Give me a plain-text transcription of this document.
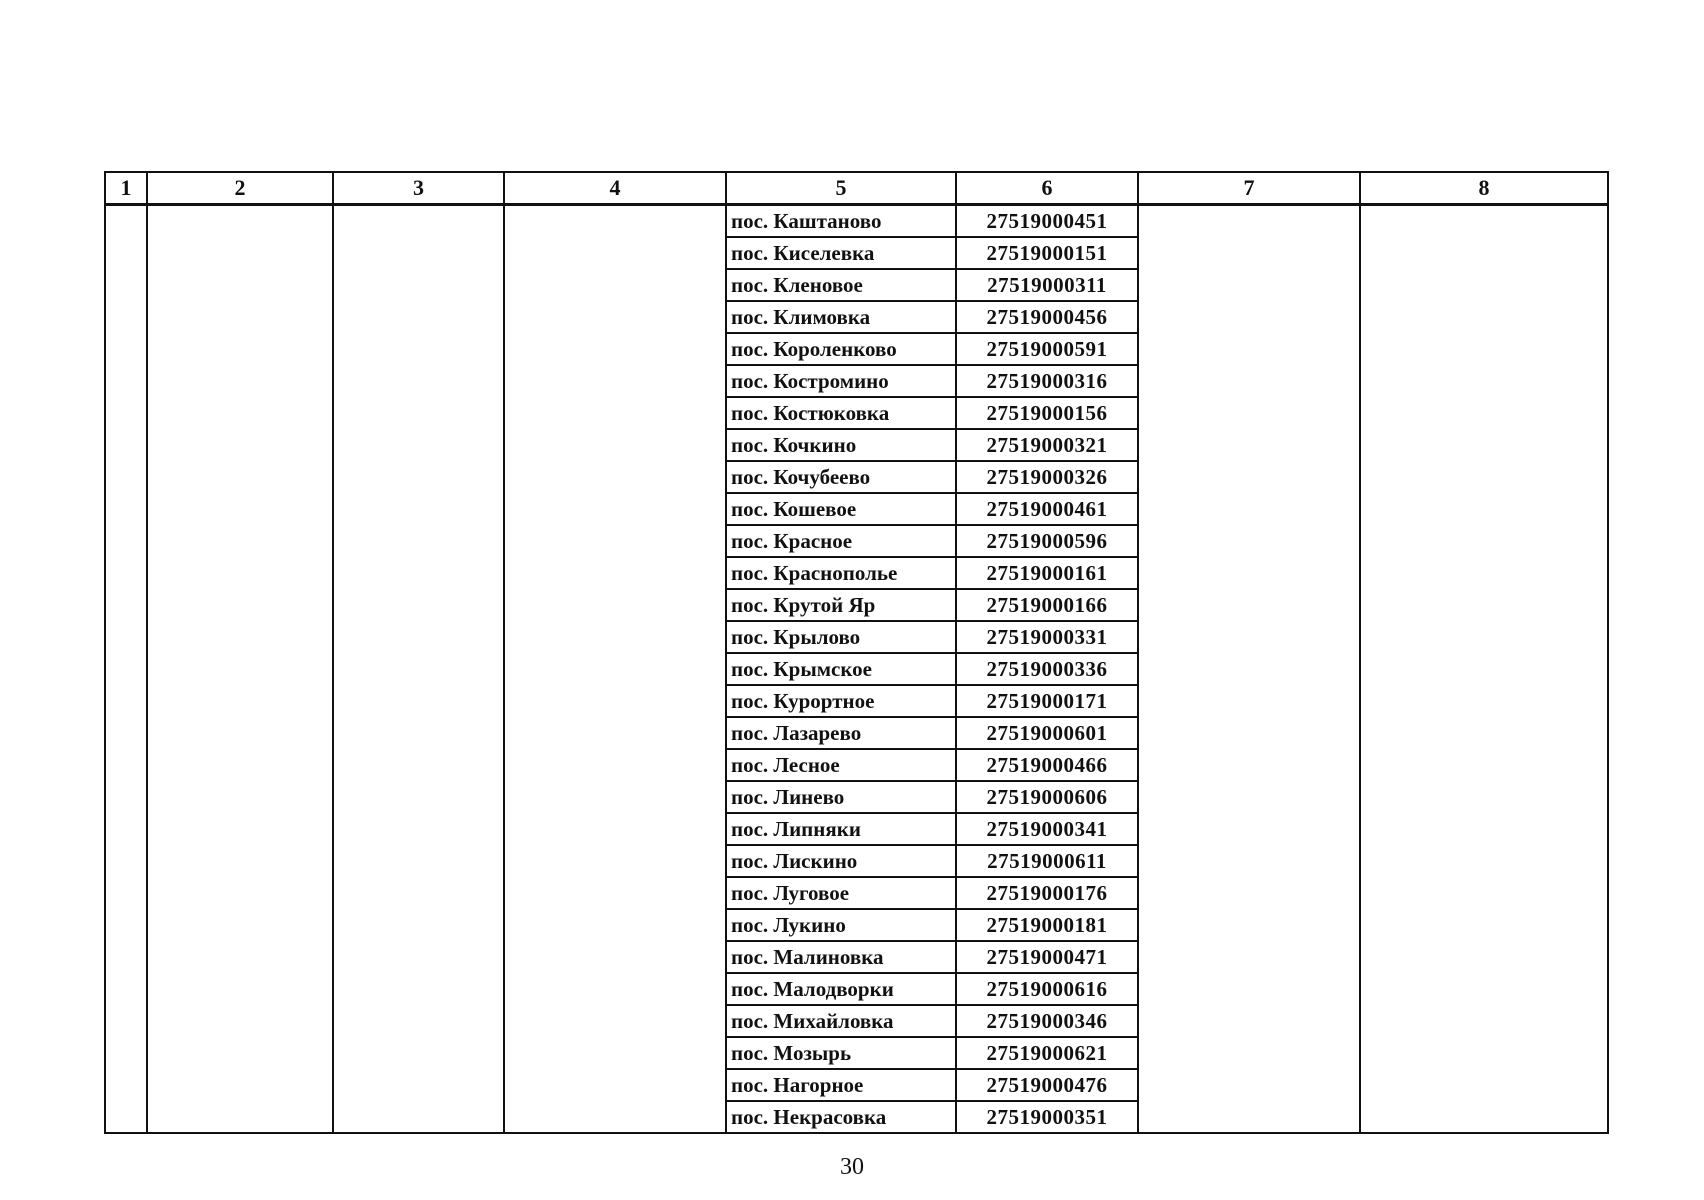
1	2	3	4	5	6	7	8
				пос. Каштаново	27519000451		
				пос. Киселевка	27519000151		
				пос. Кленовое	27519000311		
				пос. Климовка	27519000456		
				пос. Короленково	27519000591		
				пос. Костромино	27519000316		
				пос. Костюковка	27519000156		
				пос. Кочкино	27519000321		
				пос. Кочубеево	27519000326		
				пос. Кошевое	27519000461		
				пос. Красное	27519000596		
				пос. Краснополье	27519000161		
				пос. Крутой Яр	27519000166		
				пос. Крылово	27519000331		
				пос. Крымское	27519000336		
				пос. Курортное	27519000171		
				пос. Лазарево	27519000601		
				пос. Лесное	27519000466		
				пос. Линево	27519000606		
				пос. Липняки	27519000341		
				пос. Лискино	27519000611		
				пос. Луговое	27519000176		
				пос. Лукино	27519000181		
				пос. Малиновка	27519000471		
				пос. Малодворки	27519000616		
				пос. Михайловка	27519000346		
				пос. Мозырь	27519000621		
				пос. Нагорное	27519000476		
				пос. Некрасовка	27519000351		
30
